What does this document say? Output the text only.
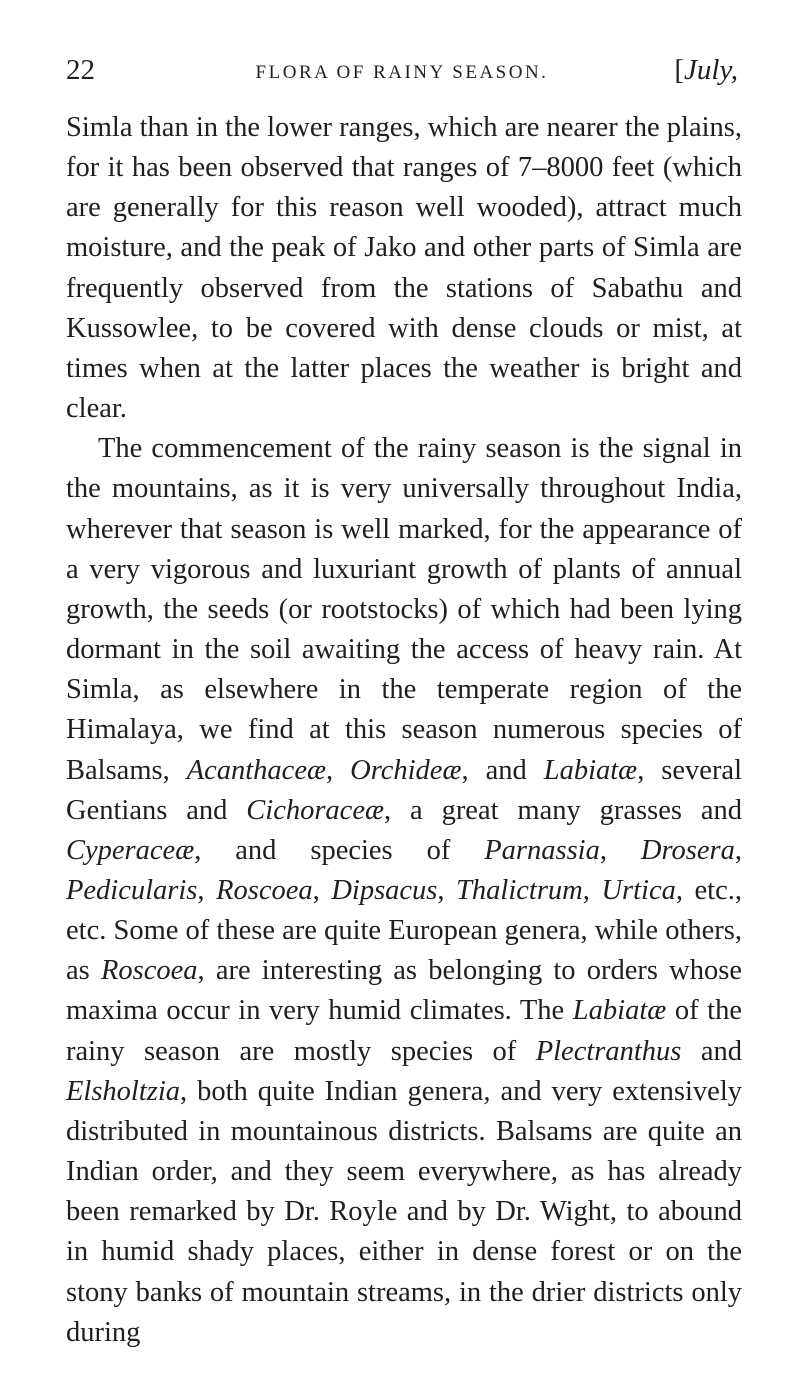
22	FLORA OF RAINY SEASON.	[July,

Simla than in the lower ranges, which are nearer the plains, for it has been observed that ranges of 7–8000 feet (which are generally for this reason well wooded), attract much moisture, and the peak of Jako and other parts of Simla are frequently observed from the stations of Sabathu and Kussowlee, to be covered with dense clouds or mist, at times when at the latter places the weather is bright and clear.

The commencement of the rainy season is the signal in the mountains, as it is very universally throughout India, wherever that season is well marked, for the appearance of a very vigorous and luxuriant growth of plants of annual growth, the seeds (or rootstocks) of which had been lying dormant in the soil awaiting the access of heavy rain. At Simla, as elsewhere in the temperate region of the Himalaya, we find at this season numerous species of Balsams, Acanthaceæ, Orchideæ, and Labiatæ, several Gentians and Cichoraceæ, a great many grasses and Cyperaceæ, and species of Parnassia, Drosera, Pedicularis, Roscoea, Dipsacus, Thalictrum, Urtica, etc., etc. Some of these are quite European genera, while others, as Roscoea, are interesting as belonging to orders whose maxima occur in very humid climates. The Labiatæ of the rainy season are mostly species of Plectranthus and Elsholtzia, both quite Indian genera, and very extensively distributed in mountainous districts. Balsams are quite an Indian order, and they seem everywhere, as has already been remarked by Dr. Royle and by Dr. Wight, to abound in humid shady places, either in dense forest or on the stony banks of mountain streams, in the drier districts only during
